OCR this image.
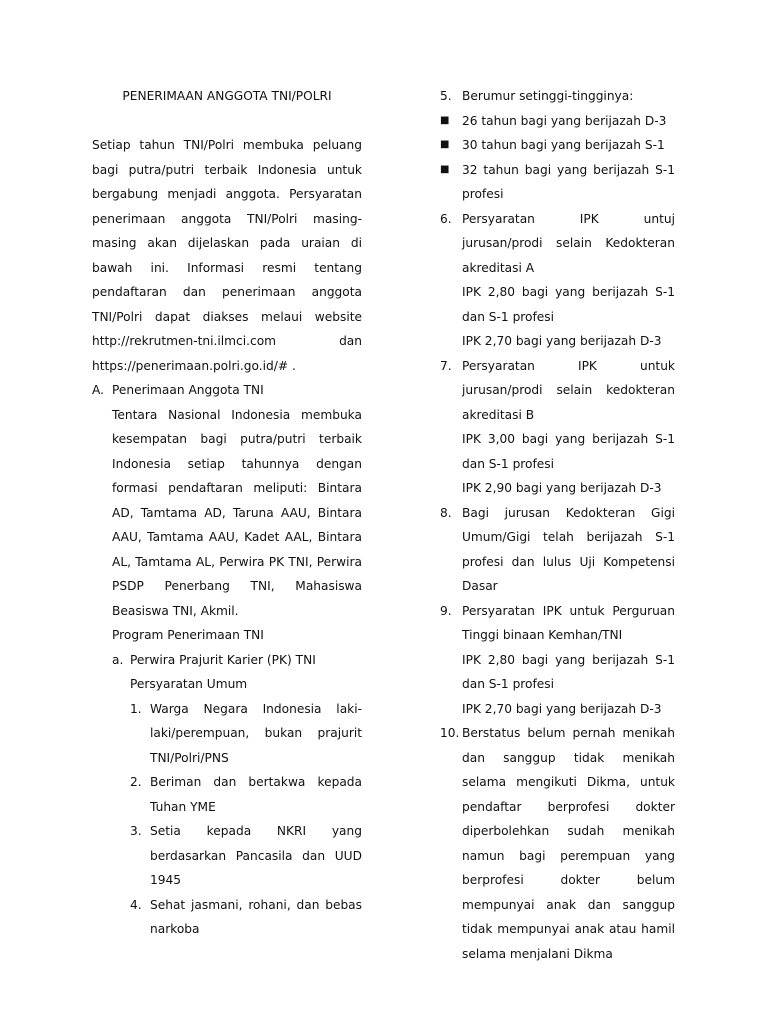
PENERIMAAN ANGGOTA TNI/POLRI

Setiap tahun TNI/Polri membuka peluang bagi putra/putri terbaik Indonesia untuk bergabung menjadi anggota. Persyaratan penerimaan anggota TNI/Polri masing-masing akan dijelaskan pada uraian di bawah ini. Informasi resmi tentang pendaftaran dan penerimaan anggota TNI/Polri dapat diakses melaui website http://rekrutmen-tni.ilmci.com dan https://penerimaan.polri.go.id/# .

A. Penerimaan Anggota TNI

Tentara Nasional Indonesia membuka kesempatan bagi putra/putri terbaik Indonesia setiap tahunnya dengan formasi pendaftaran meliputi: Bintara AD, Tamtama AD, Taruna AAU, Bintara AAU, Tamtama AAU, Kadet AAL, Bintara AL, Tamtama AL, Perwira PK TNI, Perwira PSDP Penerbang TNI, Mahasiswa Beasiswa TNI, Akmil.

Program Penerimaan TNI
a. Perwira Prajurit Karier (PK) TNI
Persyaratan Umum
1. Warga Negara Indonesia laki-laki/perempuan, bukan prajurit TNI/Polri/PNS
2. Beriman dan bertakwa kepada Tuhan YME
3. Setia kepada NKRI yang berdasarkan Pancasila dan UUD 1945
4. Sehat jasmani, rohani, dan bebas narkoba
5. Berumur setinggi-tingginya:
■	26 tahun bagi yang berijazah D-3
■	30 tahun bagi yang berijazah S-1
■	32 tahun bagi yang berijazah S-1 profesi
6. Persyaratan IPK untuj jurusan/prodi selain Kedokteran akreditasi A
IPK 2,80 bagi yang berijazah S-1 dan S-1 profesi
IPK 2,70 bagi yang berijazah D-3
7. Persyaratan IPK untuk jurusan/prodi selain kedokteran akreditasi B
IPK 3,00 bagi yang berijazah S-1 dan S-1 profesi
IPK 2,90 bagi yang berijazah D-3
8. Bagi jurusan Kedokteran Gigi Umum/Gigi telah berijazah S-1 profesi dan lulus Uji Kompetensi Dasar
9. Persyaratan IPK untuk Perguruan Tinggi binaan Kemhan/TNI
IPK 2,80 bagi yang berijazah S-1 dan S-1 profesi
IPK 2,70 bagi yang berijazah D-3
10. Berstatus belum pernah menikah dan sanggup tidak menikah selama mengikuti Dikma, untuk pendaftar berprofesi dokter diperbolehkan sudah menikah namun bagi perempuan yang berprofesi dokter belum mempunyai anak dan sanggup tidak mempunyai anak atau hamil selama menjalani Dikma
